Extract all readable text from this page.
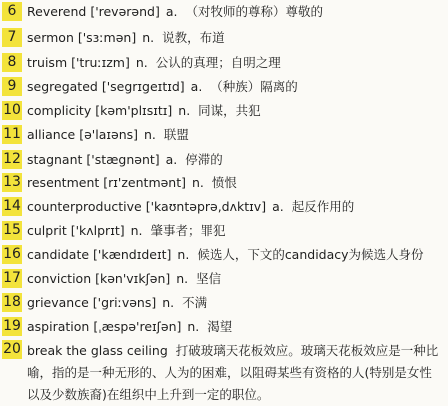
6 Reverend ['revərənd] a. （对牧师的尊称）尊敬的
7 sermon ['sɜːmən] n. 说教，布道
8 truism ['truːɪzm] n. 公认的真理；自明之理
9 segregated ['segrɪgeɪtɪd] a. （种族）隔离的
10 complicity [kəm'plɪsɪtɪ] n. 同谋，共犯
11 alliance [ə'laɪəns] n. 联盟
12 stagnant ['stægnənt] a. 停滞的
13 resentment [rɪ'zentmənt] n. 愤恨
14 counterproductive ['kaʊntəprə,dʌktɪv] a. 起反作用的
15 culprit ['kʌlprɪt] n. 肇事者；罪犯
16 candidate ['kændɪdeɪt] n. 候选人，下文的candidacy为候选人身份
17 conviction [kən'vɪkʃən] n. 坚信
18 grievance ['griːvəns] n. 不满
19 aspiration [ˌæspə'reɪʃən] n. 渴望
20 break the glass ceiling 打破玻璃天花板效应。玻璃天花板效应是一种比喻，指的是一种无形的、人为的困难，以阻碍某些有资格的人(特别是女性以及少数族裔)在组织中上升到一定的职位。
